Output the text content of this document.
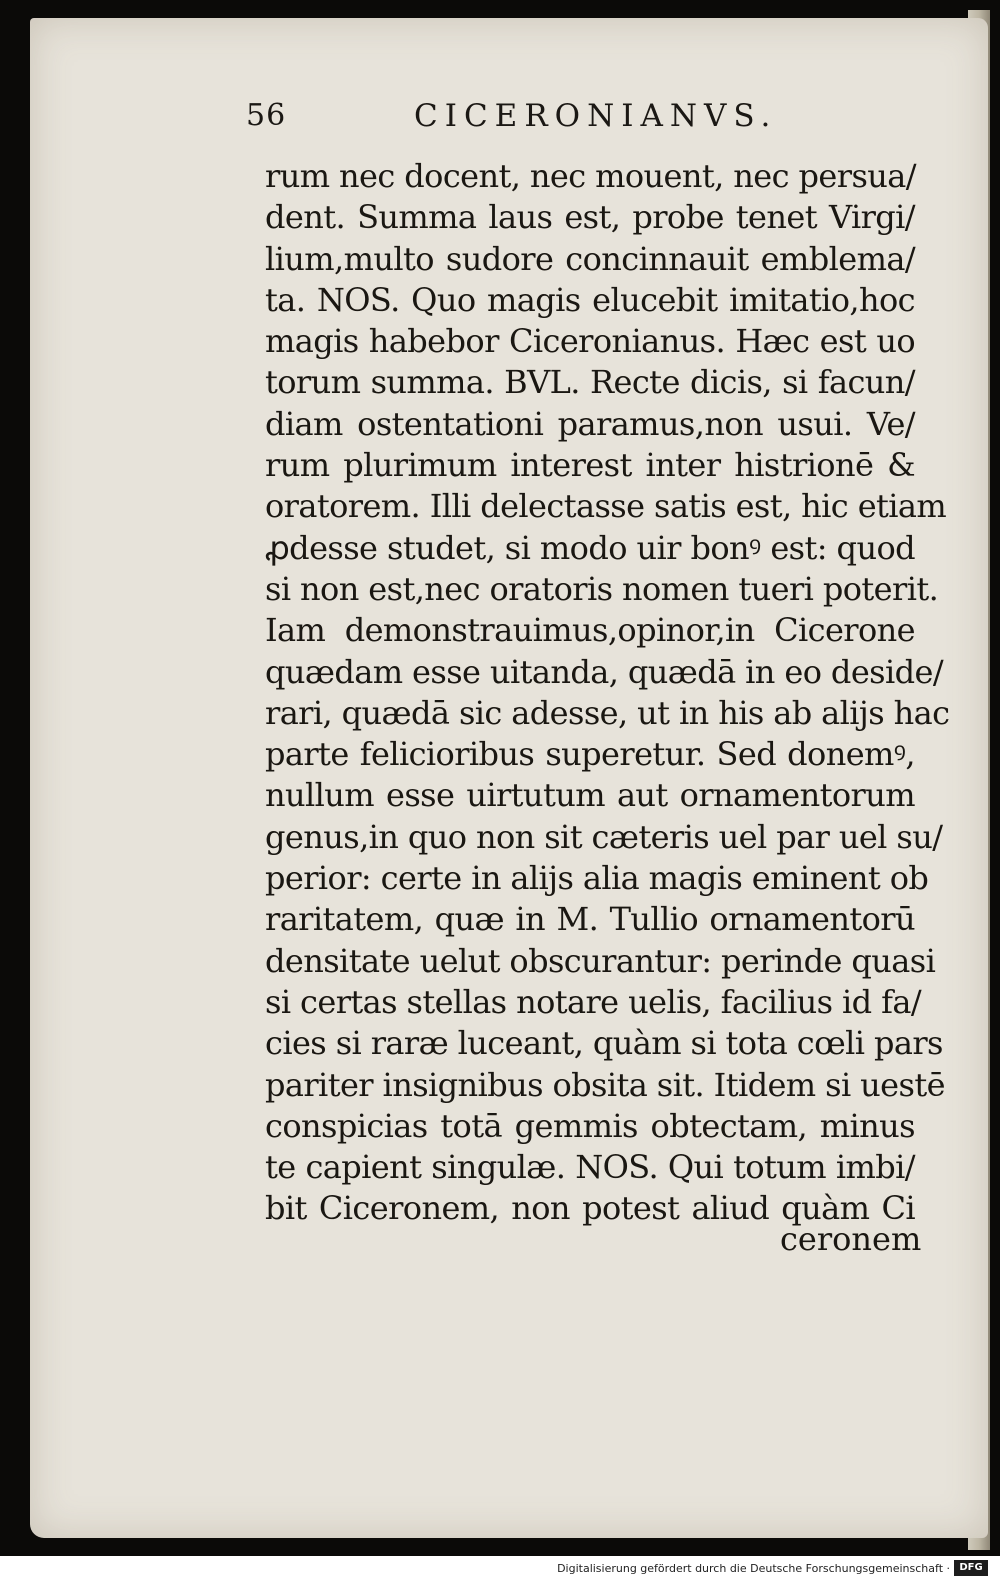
56	CICERONIANVS.
rum nec docent, nec mouent, nec persua/
dent. Summa laus est, probe tenet Virgi/
lium,multo sudore concinnauit emblema/
ta. NOS. Quo magis elucebit imitatio,hoc
magis habebor Ciceronianus. Hæc est uo
torum summa. BVL. Recte dicis, si facun/
diam ostentationi paramus,non usui. Ve/
rum plurimum interest inter histrionē &
oratorem. Illi delectasse satis est, hic etiam
ꝓdesse studet, si modo uir bonꝰ est: quod
si non est,nec oratoris nomen tueri poterit.
Iam demonstrauimus,opinor,in Cicerone
quædam esse uitanda, quædā in eo deside/
rari, quædā sic adesse, ut in his ab alijs hac
parte felicioribus superetur. Sed donemꝰ,
nullum esse uirtutum aut ornamentorum
genus,in quo non sit cæteris uel par uel su/
perior: certe in alijs alia magis eminent ob
raritatem, quæ in M. Tullio ornamentorū
densitate uelut obscurantur: perinde quasi
si certas stellas notare uelis, facilius id fa/
cies si raræ luceant, quàm si tota cœli pars
pariter insignibus obsita sit. Itidem si uestē
conspicias totā gemmis obtectam, minus
te capient singulæ. NOS. Qui totum imbi/
bit Ciceronem, non potest aliud quàm Ci
ceronem
Digitalisierung gefördert durch die Deutsche Forschungsgemeinschaft · DFG
